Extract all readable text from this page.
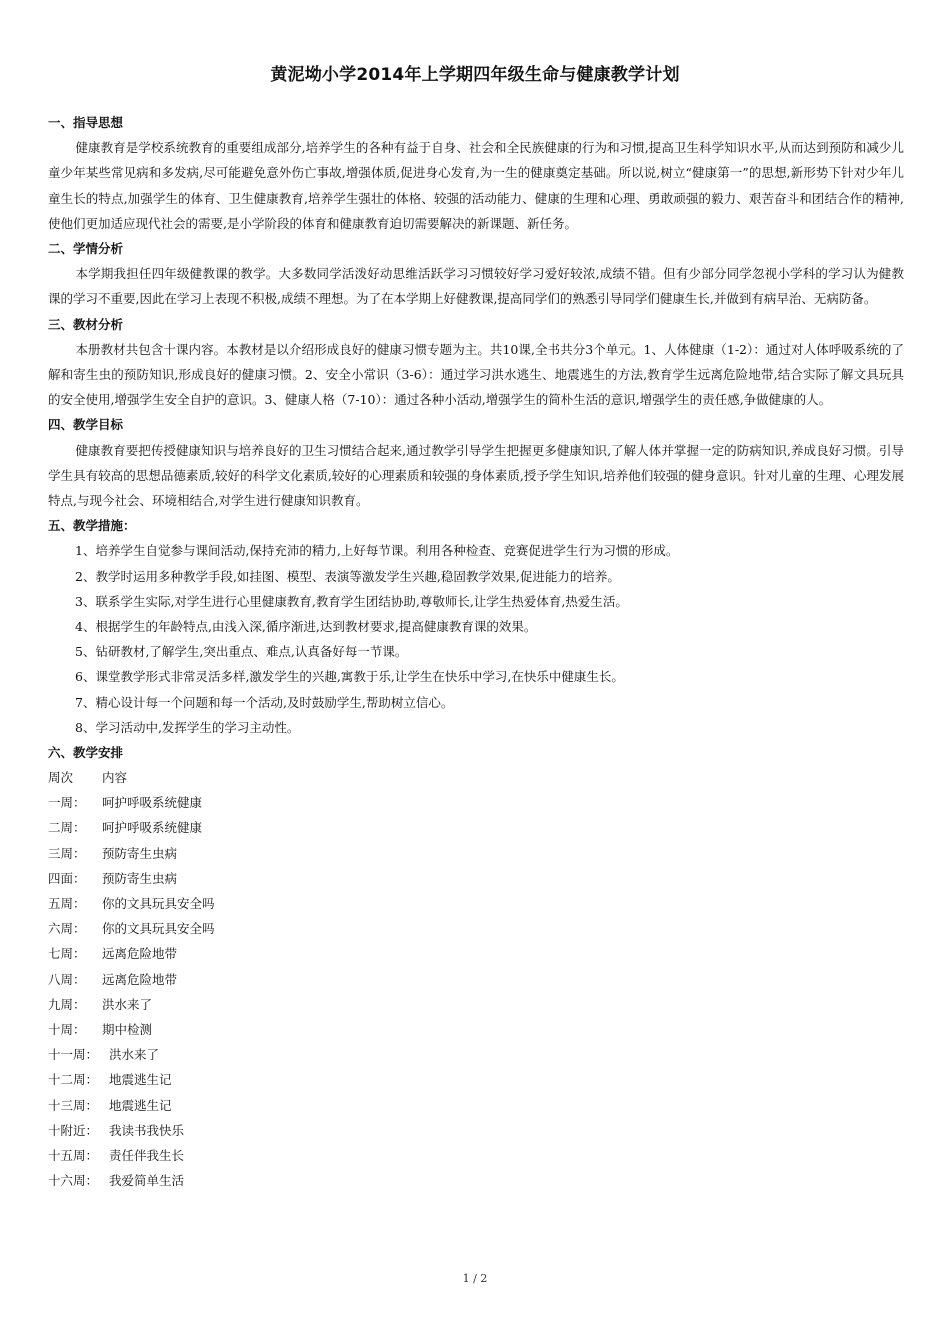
黄泥坳小学2014年上学期四年级生命与健康教学计划
一、指导思想
健康教育是学校系统教育的重要组成部分,培养学生的各种有益于自身、社会和全民族健康的行为和习惯,提高卫生科学知识水平,从而达到预防和减少儿童少年某些常见病和多发病,尽可能避免意外伤亡事故,增强体质,促进身心发育,为一生的健康奠定基础。所以说,树立“健康第一”的思想,新形势下针对少年儿童生长的特点,加强学生的体育、卫生健康教育,培养学生强壮的体格、较强的活动能力、健康的生理和心理、勇敢顽强的毅力、艰苦奋斗和团结合作的精神,使他们更加适应现代社会的需要,是小学阶段的体育和健康教育迫切需要解决的新课题、新任务。
二、学情分析
本学期我担任四年级健教课的教学。大多数同学活泼好动思维活跃学习习惯较好学习爱好较浓,成绩不错。但有少部分同学忽视小学科的学习认为健教课的学习不重要,因此在学习上表现不积极,成绩不理想。为了在本学期上好健教课,提高同学们的熟悉引导同学们健康生长,并做到有病早治、无病防备。
三、教材分析
本册教材共包含十课内容。本教材是以介绍形成良好的健康习惯专题为主。共10课,全书共分3个单元。1、人体健康（1-2）：通过对人体呼吸系统的了解和寄生虫的预防知识,形成良好的健康习惯。2、安全小常识（3-6）：通过学习洪水逃生、地震逃生的方法,教育学生远离危险地带,结合实际了解文具玩具的安全使用,增强学生安全自护的意识。3、健康人格（7-10）：通过各种小活动,增强学生的简朴生活的意识,增强学生的责任感,争做健康的人。
四、教学目标
健康教育要把传授健康知识与培养良好的卫生习惯结合起来,通过教学引导学生把握更多健康知识,了解人体并掌握一定的防病知识,养成良好习惯。引导学生具有较高的思想品德素质,较好的科学文化素质,较好的心理素质和较强的身体素质,授予学生知识,培养他们较强的健身意识。针对儿童的生理、心理发展特点,与现今社会、环境相结合,对学生进行健康知识教育。
五、教学措施：
1、培养学生自觉参与课间活动,保持充沛的精力,上好每节课。利用各种检查、竞赛促进学生行为习惯的形成。
2、教学时运用多种教学手段,如挂图、模型、表演等激发学生兴趣,稳固教学效果,促进能力的培养。
3、联系学生实际,对学生进行心里健康教育,教育学生团结协助,尊敬师长,让学生热爱体育,热爱生活。
4、根据学生的年龄特点,由浅入深,循序渐进,达到教材要求,提高健康教育课的效果。
5、钻研教材,了解学生,突出重点、难点,认真备好每一节课。
6、课堂教学形式非常灵活多样,激发学生的兴趣,寓教于乐,让学生在快乐中学习,在快乐中健康生长。
7、精心设计每一个问题和每一个活动,及时鼓励学生,帮助树立信心。
8、学习活动中,发挥学生的学习主动性。
六、教学安排
周次	内容
一周：	呵护呼吸系统健康
二周：	呵护呼吸系统健康
三周：	预防寄生虫病
四面：	预防寄生虫病
五周：	你的文具玩具安全吗
六周：	你的文具玩具安全吗
七周：	远离危险地带
八周：	远离危险地带
九周：	洪水来了
十周：	期中检测
十一周： 洪水来了
十二周： 地震逃生记
十三周： 地震逃生记
十附近： 我读书我快乐
十五周： 责任伴我生长
十六周： 我爱简单生活
1 / 2
